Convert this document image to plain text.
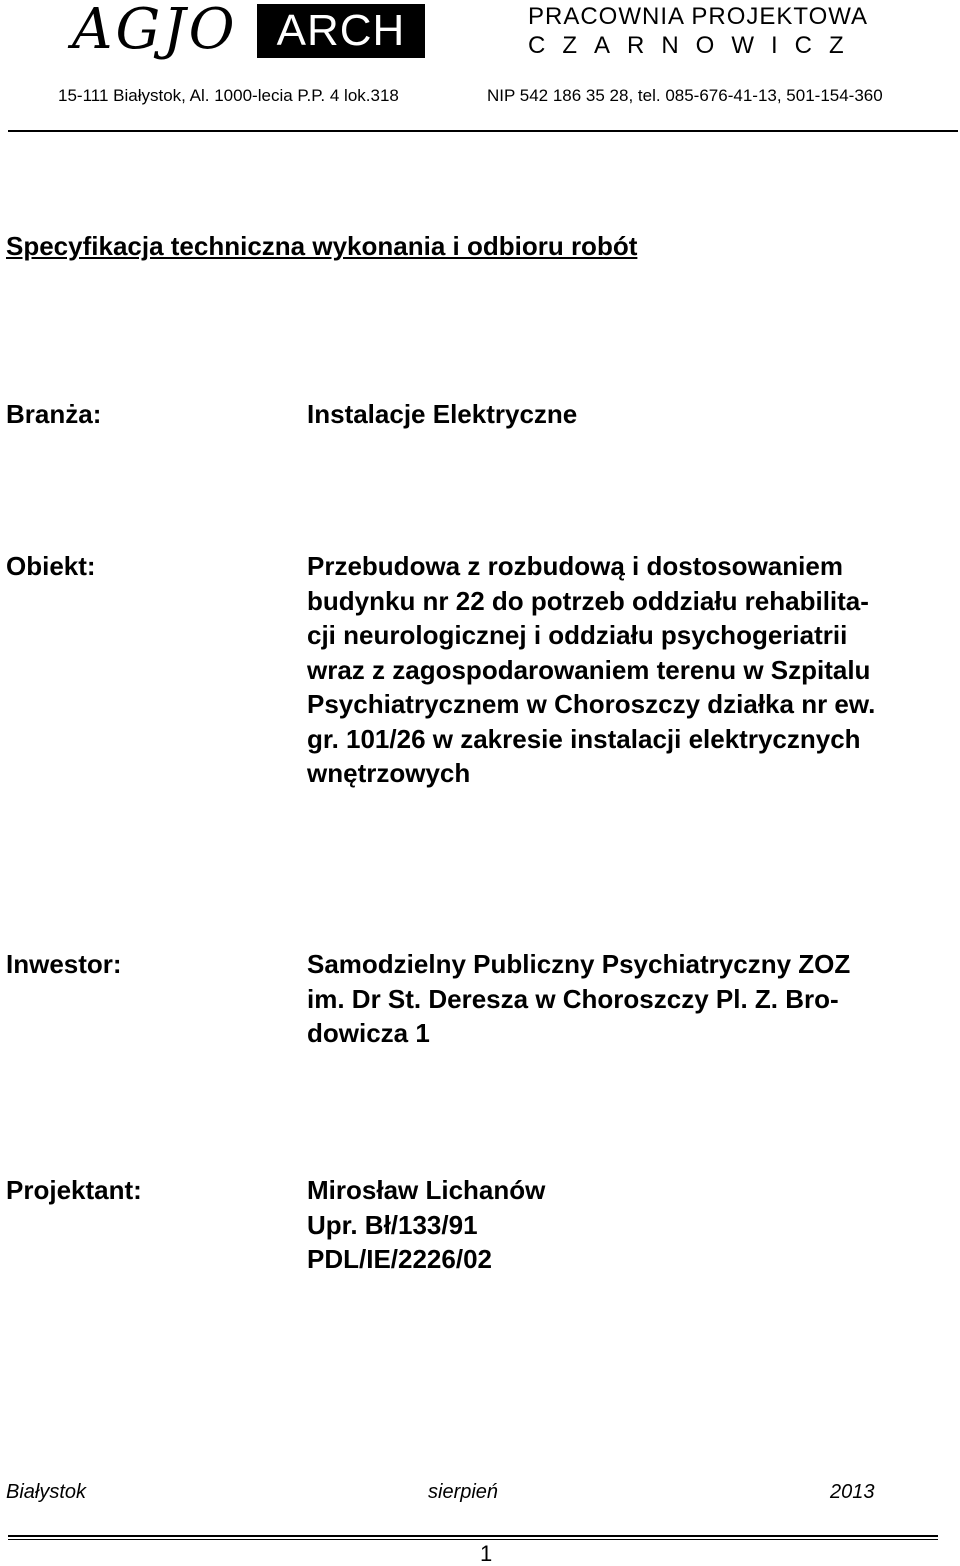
AGJO ARCH	PRACOWNIA PROJEKTOWA
CZARNOWICZ
15-111 Białystok, Al. 1000-lecia P.P. 4 lok.318	NIP 542 186 35 28, tel. 085-676-41-13, 501-154-360
Specyfikacja techniczna wykonania i odbioru robót
Branża:	Instalacje Elektryczne
Obiekt:	Przebudowa z rozbudową i dostosowaniem
budynku nr 22 do potrzeb oddziału rehabilita-
cji neurologicznej i oddziału psychogeriatrii
wraz z zagospodarowaniem terenu w Szpitalu
Psychiatrycznem w Choroszczy działka nr ew.
gr. 101/26 w zakresie instalacji elektrycznych
wnętrzowych
Inwestor:	Samodzielny Publiczny Psychiatryczny ZOZ
im. Dr St. Deresza w Choroszczy Pl. Z. Bro-
dowicza 1
Projektant:	Mirosław Lichanów
Upr. Bł/133/91
PDL/IE/2226/02
Białystok	sierpień	2013
1
